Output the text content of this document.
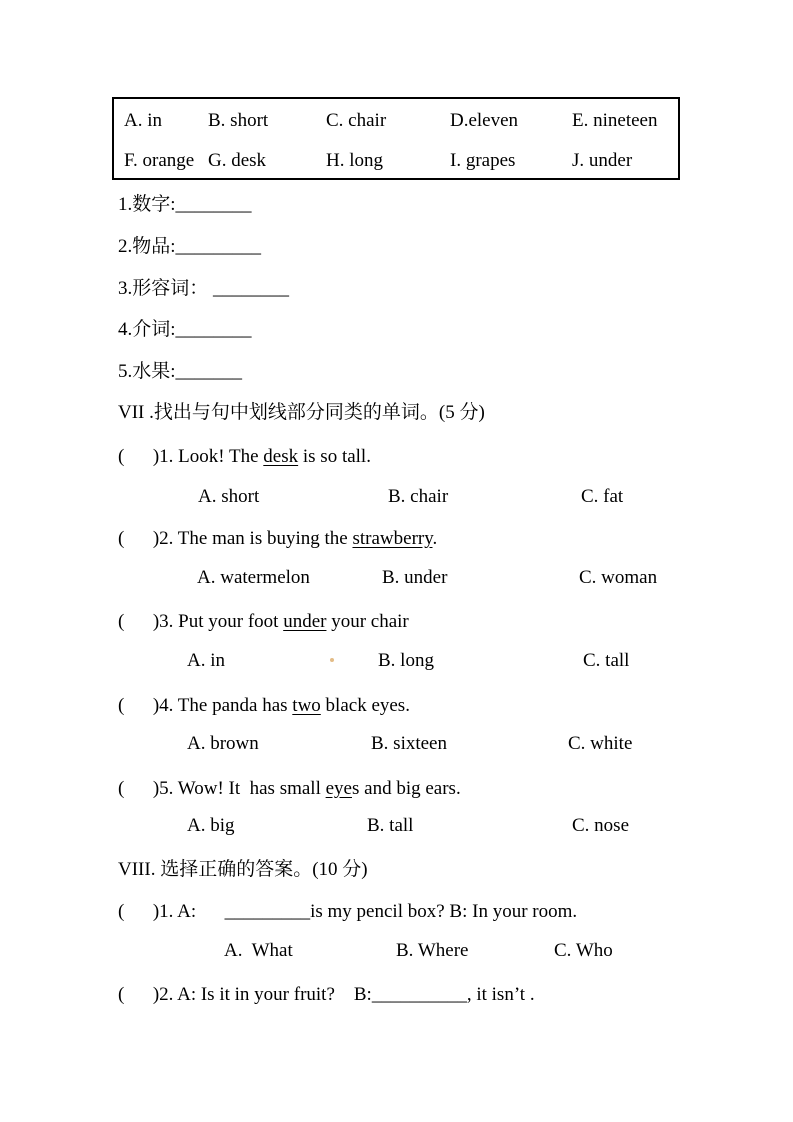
A. in B. short	C. chair	D.eleven	E. nineteen
F. orange G. desk	H. long	I. grapes	J. under
1.数字:________
2.物品:_________
3.形容词： ________
4.介词:________
5.水果:_______
VII .找出与句中划线部分同类的单词。(5 分)
(      )1. Look! The desk is so tall.
A. short	B. chair	C. fat
(      )2. The man is buying the strawberry.
A. watermelon	B. under	C. woman
(      )3. Put your foot under your chair
A. in	B. long	C. tall
(      )4. The panda has two black eyes.
A. brown	B. sixteen	C. white
(      )5. Wow! It  has small eyes and big ears.
A. big	B. tall	C. nose
VIII. 选择正确的答案。(10 分)
(      )1. A:      _________is my pencil box? B: In your room.
A.  What	B. Where	C. Who
(      )2. A: Is it in your fruit?    B:__________, it isn’t .
